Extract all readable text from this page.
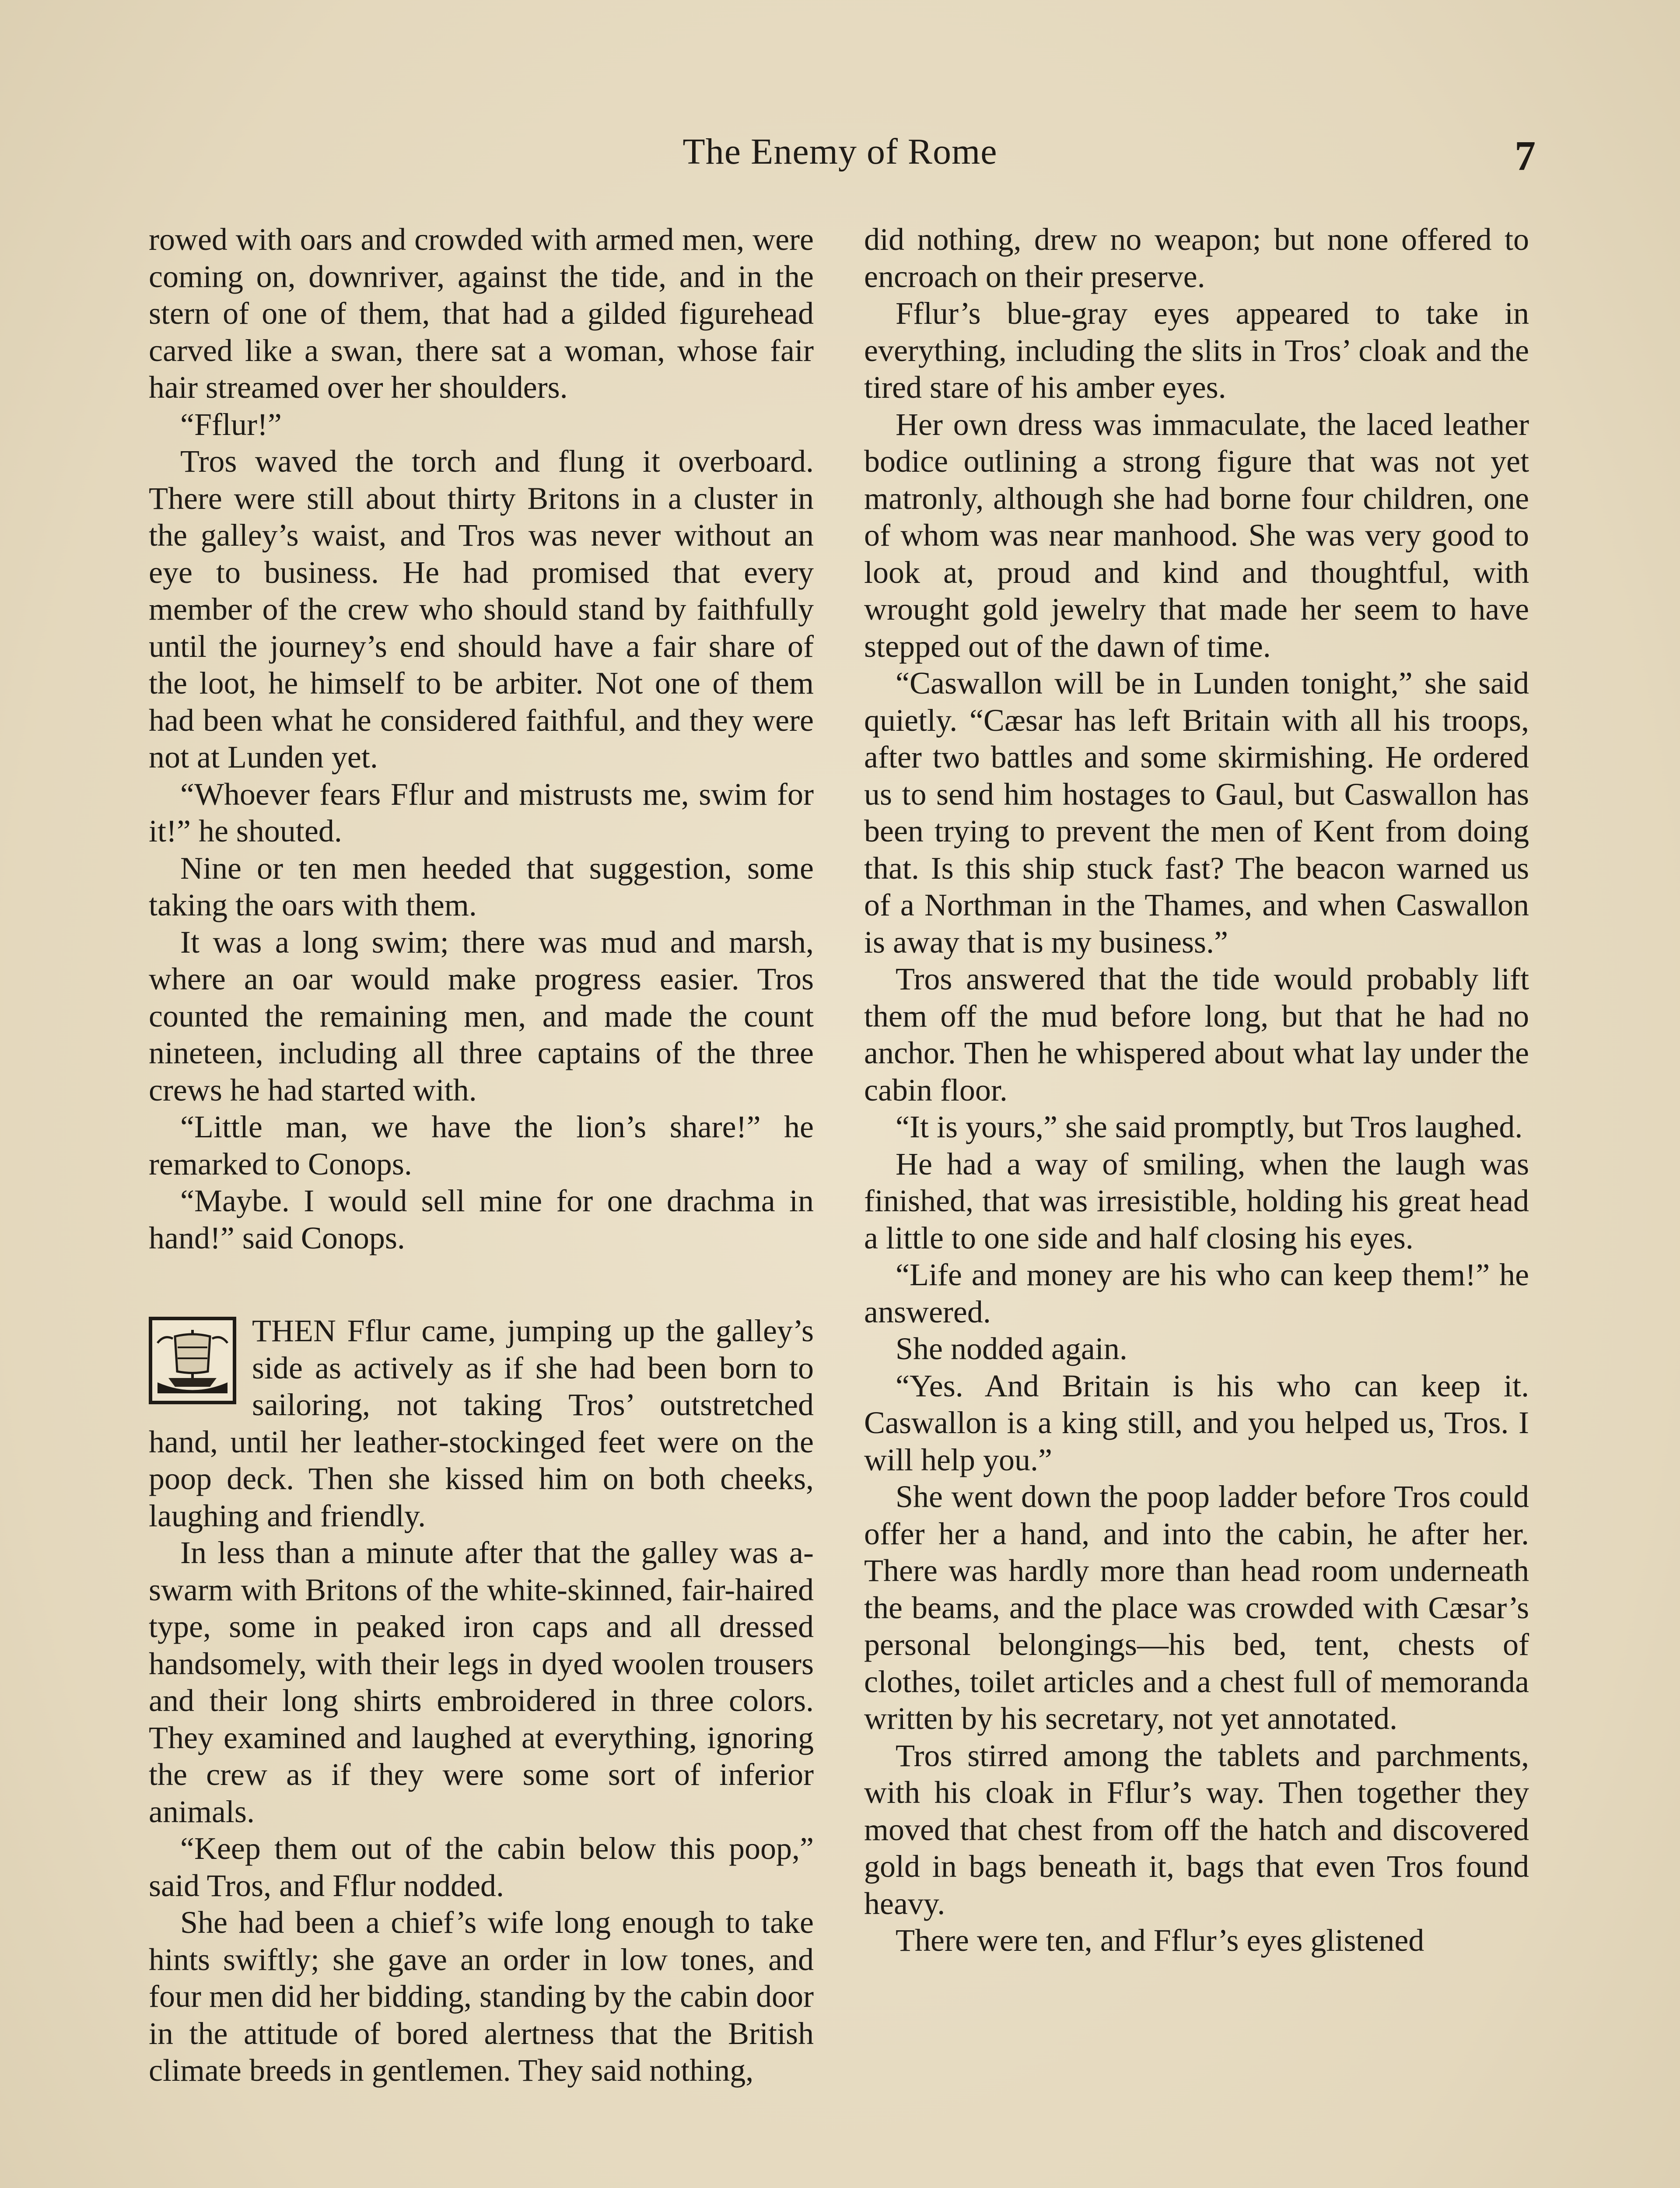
The Enemy of Rome	7

rowed with oars and crowded with armed men, were coming on, downriver, against the tide, and in the stern of one of them, that had a gilded figurehead carved like a swan, there sat a woman, whose fair hair streamed over her shoulders.

“Fflur!”

Tros waved the torch and flung it overboard. There were still about thirty Britons in a cluster in the galley’s waist, and Tros was never without an eye to business. He had promised that every member of the crew who should stand by faithfully until the journey’s end should have a fair share of the loot, he himself to be arbiter. Not one of them had been what he considered faithful, and they were not at Lunden yet.

“Whoever fears Fflur and mistrusts me, swim for it!” he shouted.

Nine or ten men heeded that suggestion, some taking the oars with them.

It was a long swim; there was mud and marsh, where an oar would make progress easier. Tros counted the remaining men, and made the count nineteen, including all three captains of the three crews he had started with.

“Little man, we have the lion’s share!” he remarked to Conops.

“Maybe. I would sell mine for one drachma in hand!” said Conops.

THEN Fflur came, jumping up the galley’s side as actively as if she had been born to sailoring, not taking Tros’ outstretched hand, until her leather-stockinged feet were on the poop deck. Then she kissed him on both cheeks, laughing and friendly.

In less than a minute after that the galley was a-swarm with Britons of the white-skinned, fair-haired type, some in peaked iron caps and all dressed handsomely, with their legs in dyed woolen trousers and their long shirts embroidered in three colors. They examined and laughed at everything, ignoring the crew as if they were some sort of inferior animals.

“Keep them out of the cabin below this poop,” said Tros, and Fflur nodded.

She had been a chief’s wife long enough to take hints swiftly; she gave an order in low tones, and four men did her bidding, standing by the cabin door in the attitude of bored alertness that the British climate breeds in gentlemen. They said nothing,

did nothing, drew no weapon; but none offered to encroach on their preserve.

Fflur’s blue-gray eyes appeared to take in everything, including the slits in Tros’ cloak and the tired stare of his amber eyes.

Her own dress was immaculate, the laced leather bodice outlining a strong figure that was not yet matronly, although she had borne four children, one of whom was near manhood. She was very good to look at, proud and kind and thoughtful, with wrought gold jewelry that made her seem to have stepped out of the dawn of time.

“Caswallon will be in Lunden tonight,” she said quietly. “Cæsar has left Britain with all his troops, after two battles and some skirmishing. He ordered us to send him hostages to Gaul, but Caswallon has been trying to prevent the men of Kent from doing that. Is this ship stuck fast? The beacon warned us of a Northman in the Thames, and when Caswallon is away that is my business.”

Tros answered that the tide would probably lift them off the mud before long, but that he had no anchor. Then he whispered about what lay under the cabin floor.

“It is yours,” she said promptly, but Tros laughed.

He had a way of smiling, when the laugh was finished, that was irresistible, holding his great head a little to one side and half closing his eyes.

“Life and money are his who can keep them!” he answered.

She nodded again.

“Yes. And Britain is his who can keep it. Caswallon is a king still, and you helped us, Tros. I will help you.”

She went down the poop ladder before Tros could offer her a hand, and into the cabin, he after her. There was hardly more than head room underneath the beams, and the place was crowded with Cæsar’s personal belongings—his bed, tent, chests of clothes, toilet articles and a chest full of memoranda written by his secretary, not yet annotated.

Tros stirred among the tablets and parchments, with his cloak in Fflur’s way. Then together they moved that chest from off the hatch and discovered gold in bags beneath it, bags that even Tros found heavy.

There were ten, and Fflur’s eyes glistened
